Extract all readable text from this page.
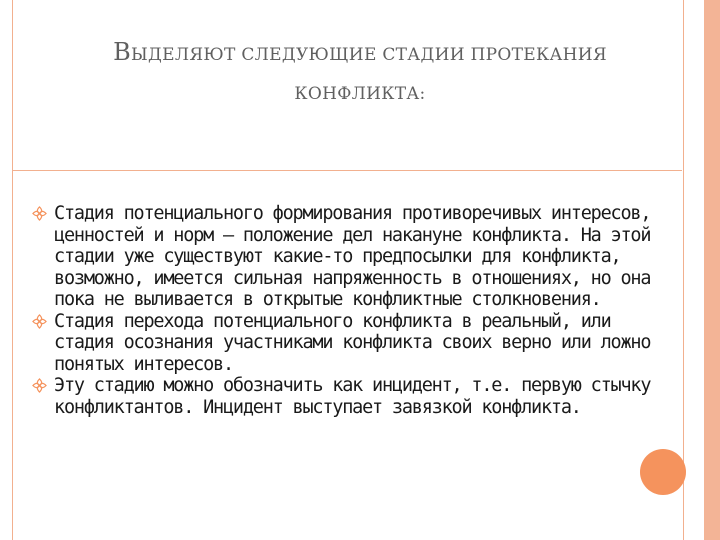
ВЫДЕЛЯЮТ СЛЕДУЮЩИЕ СТАДИИ ПРОТЕКАНИЯ
КОНФЛИКТА:
Стадия потенциального формирования противоречивых интересов, ценностей и норм — положение дел накануне конфликта. На этой стадии уже существуют какие-то предпосылки для конфликта, возможно, имеется сильная напряженность в отношениях, но она пока не выливается в открытые конфликтные столкновения.
Стадия перехода потенциального конфликта в реальный, или стадия осознания участниками конфликта своих верно или ложно понятых интересов.
Эту стадию можно обозначить как инцидент, т.е. первую стычку конфликтантов. Инцидент выступает завязкой конфликта.
